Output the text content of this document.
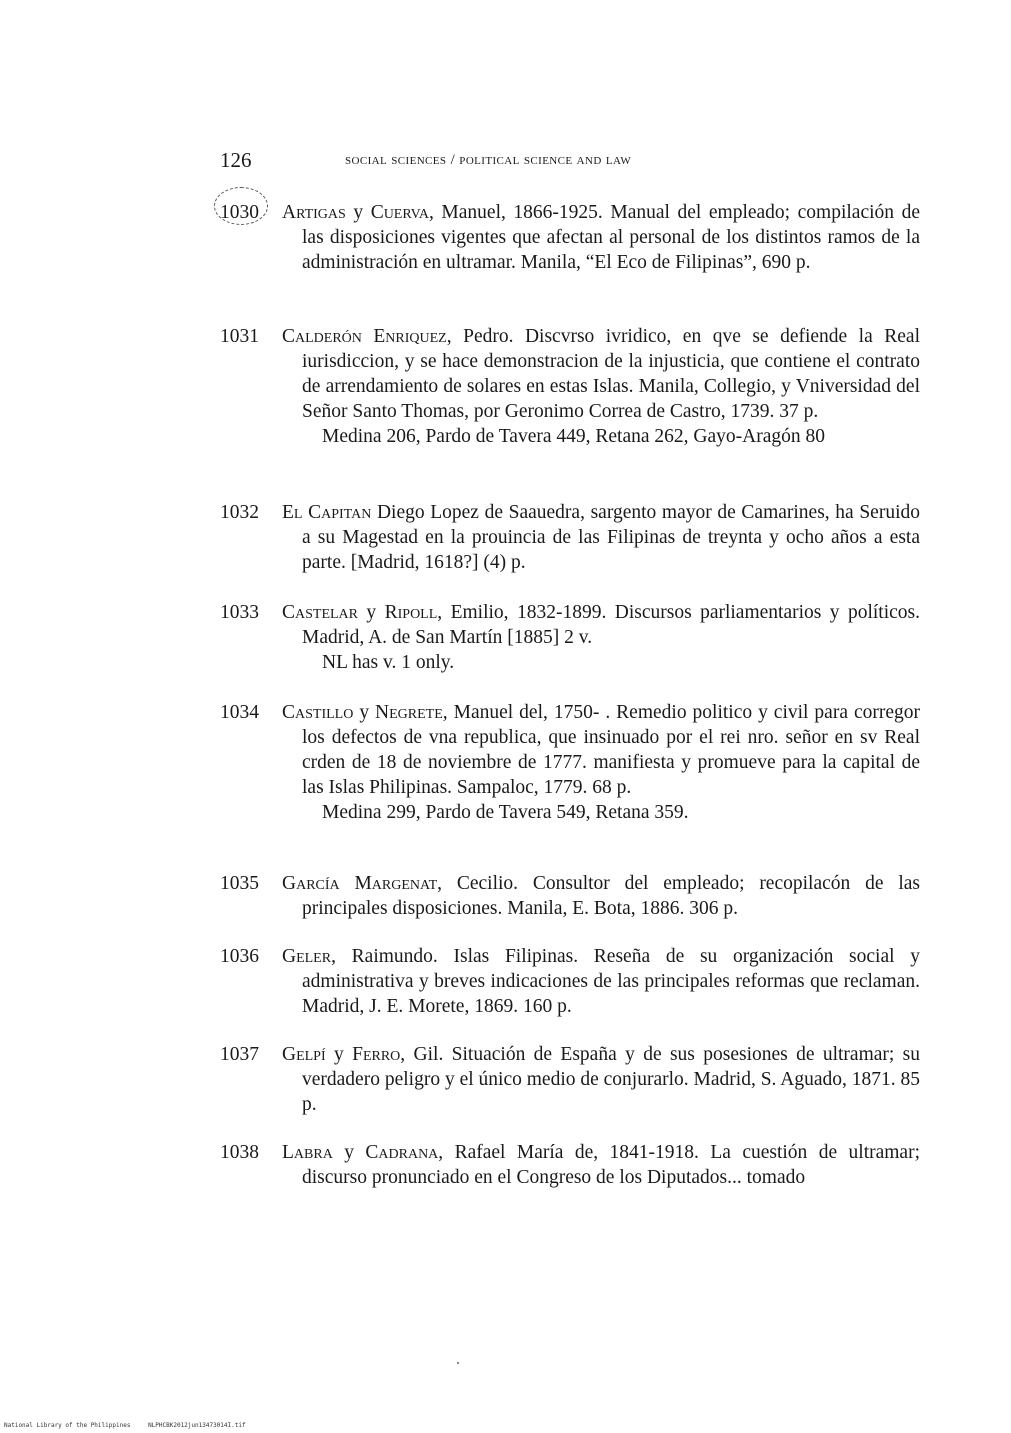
126	social sciences / political science and law
1030 Artigas y Cuerva, Manuel, 1866-1925. Manual del empleado; compilación de las disposiciones vigentes que afectan al personal de los distintos ramos de la administración en ultramar. Manila, “El Eco de Filipinas”, 690 p.
1031 Calderón Enriquez, Pedro. Discvrso ivridico, en qve se defiende la Real iurisdiccion, y se hace demonstracion de la injusticia, que contiene el contrato de arrendamiento de solares en estas Islas. Manila, Collegio, y Vniversidad del Señor Santo Thomas, por Geronimo Correa de Castro, 1739. 37 p.
Medina 206, Pardo de Tavera 449, Retana 262, Gayo-Aragón 80
1032 El Capitan Diego Lopez de Saauedra, sargento mayor de Camarines, ha Seruido a su Magestad en la prouincia de las Filipinas de treynta y ocho años a esta parte. [Madrid, 1618?] (4) p.
1033 Castelar y Ripoll, Emilio, 1832-1899. Discursos parliamentarios y políticos. Madrid, A. de San Martín [1885] 2 v.
NL has v. 1 only.
1034 Castillo y Negrete, Manuel del, 1750- . Remedio politico y civil para corregor los defectos de vna republica, que insinuado por el rei nro. señor en sv Real crden de 18 de noviembre de 1777. manifiesta y promueve para la capital de las Islas Philipinas. Sampaloc, 1779. 68 p.
Medina 299, Pardo de Tavera 549, Retana 359.
1035 García Margenat, Cecilio. Consultor del empleado; recopilacón de las principales disposiciones. Manila, E. Bota, 1886. 306 p.
1036 Geler, Raimundo. Islas Filipinas. Reseña de su organización social y administrativa y breves indicaciones de las principales reformas que reclaman. Madrid, J. E. Morete, 1869. 160 p.
1037 Gelpí y Ferro, Gil. Situación de España y de sus posesiones de ultramar; su verdadero peligro y el único medio de conjurarlo. Madrid, S. Aguado, 1871. 85 p.
1038 Labra y Cadrana, Rafael María de, 1841-1918. La cuestión de ultramar; discurso pronunciado en el Congreso de los Diputados... tomado
National Library of the Philippines	NLPHCBK2012jun13473014I.tif
